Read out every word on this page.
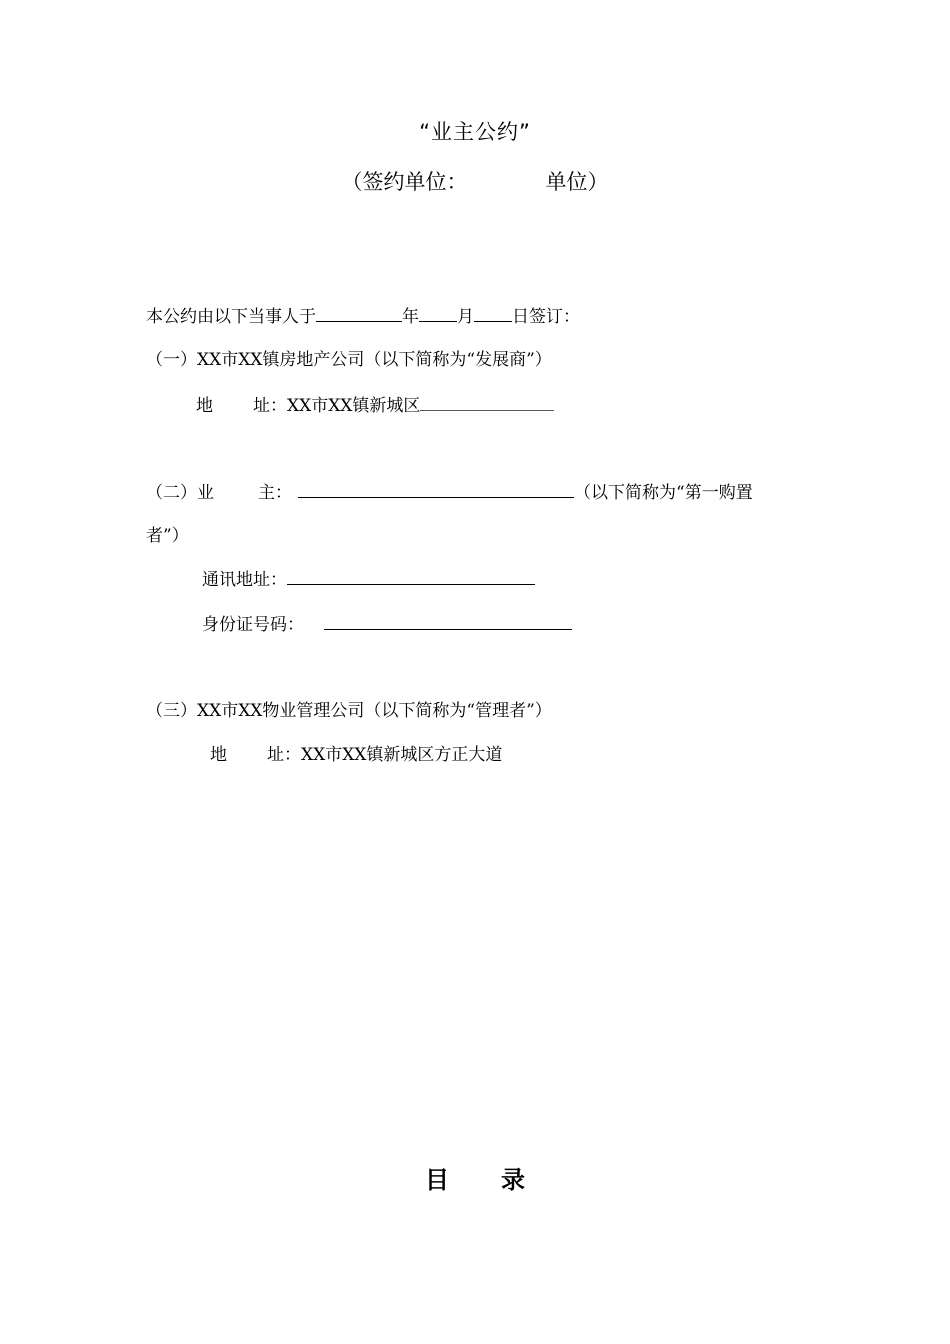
“业主公约”
（签约单位：	单位）
本公约由以下当事人于	年 月 日签订：
（一）XX市XX镇房地产公司（以下简称为“发展商”）
地 址：XX市XX镇新城区
（二）业	主：	（以下简称为“第一购置
者”）
通讯地址：
身份证号码：
（三）XX市XX物业管理公司（以下简称为“管理者”）
地 址：XX市XX镇新城区方正大道
目 录
